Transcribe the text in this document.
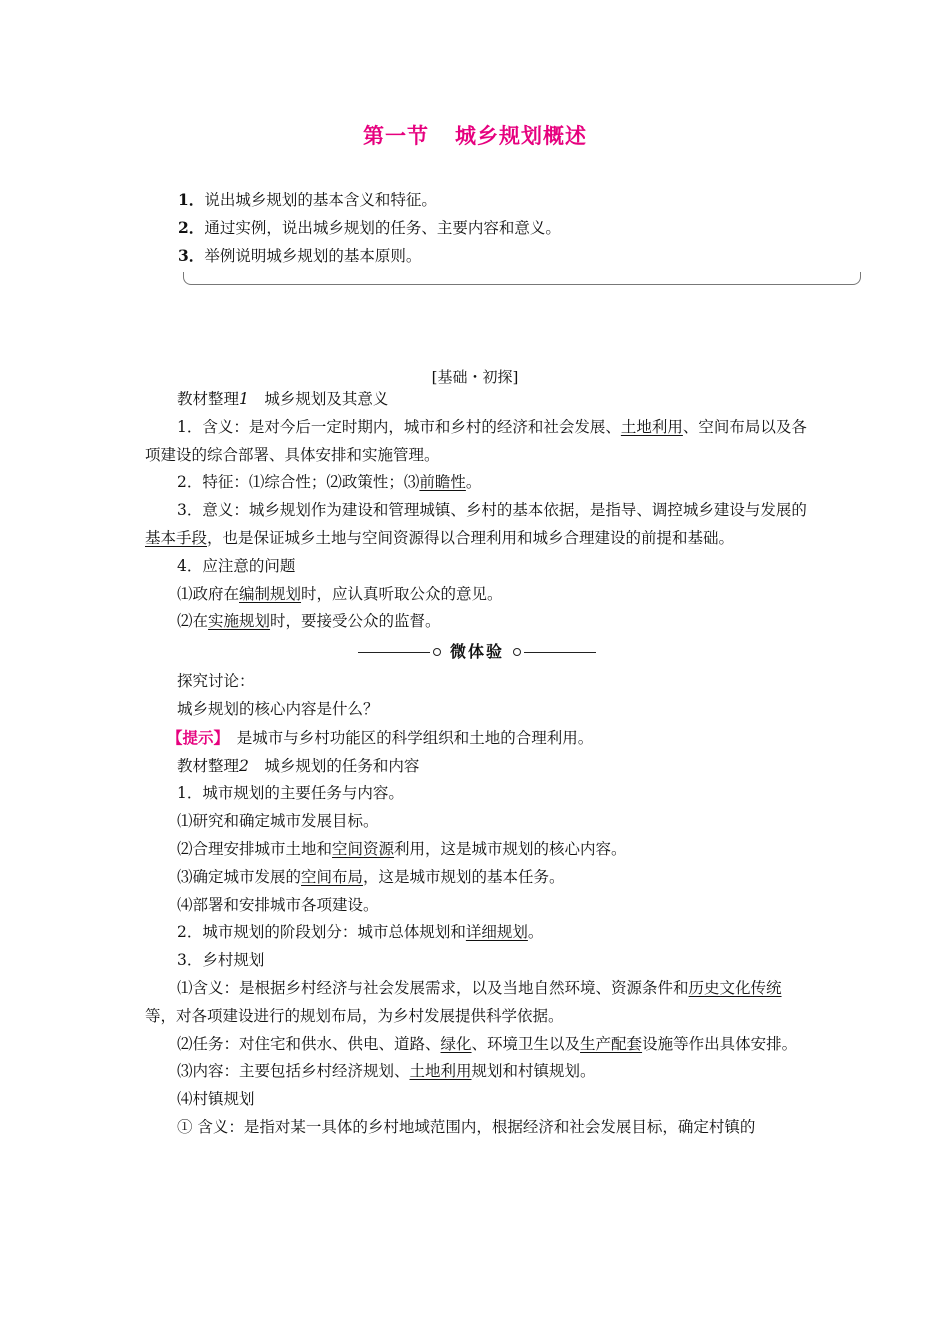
第一节 城乡规划概述
1．说出城乡规划的基本含义和特征。
2．通过实例，说出城乡规划的任务、主要内容和意义。
3．举例说明城乡规划的基本原则。
[基础・初探]

教材整理1　 城乡规划及其意义

1．含义：是对今后一定时期内，城市和乡村的经济和社会发展、土地利用、空间布局以及各项建设的综合部署、具体安排和实施管理。

2．特征：⑴综合性；⑵政策性；⑶前瞻性。

3．意义：城乡规划作为建设和管理城镇、乡村的基本依据，是指导、调控城乡建设与发展的基本手段，也是保证城乡土地与空间资源得以合理利用和城乡合理建设的前提和基础。

4．应注意的问题

⑴政府在编制规划时，应认真听取公众的意见。

⑵在实施规划时，要接受公众的监督。

微体验

探究讨论：

城乡规划的核心内容是什么？

【提示】　 是城市与乡村功能区的科学组织和土地的合理利用。

教材整理2　 城乡规划的任务和内容

1．城市规划的主要任务与内容。

⑴研究和确定城市发展目标。

⑵合理安排城市土地和空间资源利用，这是城市规划的核心内容。

⑶确定城市发展的空间布局，这是城市规划的基本任务。

⑷部署和安排城市各项建设。

2．城市规划的阶段划分：城市总体规划和详细规划。

3．乡村规划

⑴含义：是根据乡村经济与社会发展需求，以及当地自然环境、资源条件和历史文化传统等，对各项建设进行的规划布局，为乡村发展提供科学依据。

⑵任务：对住宅和供水、供电、道路、绿化、环境卫生以及生产配套设施等作出具体安排。

⑶内容：主要包括乡村经济规划、土地利用规划和村镇规划。

⑷村镇规划

① 含义：是指对某一具体的乡村地域范围内，根据经济和社会发展目标，确定村镇的
